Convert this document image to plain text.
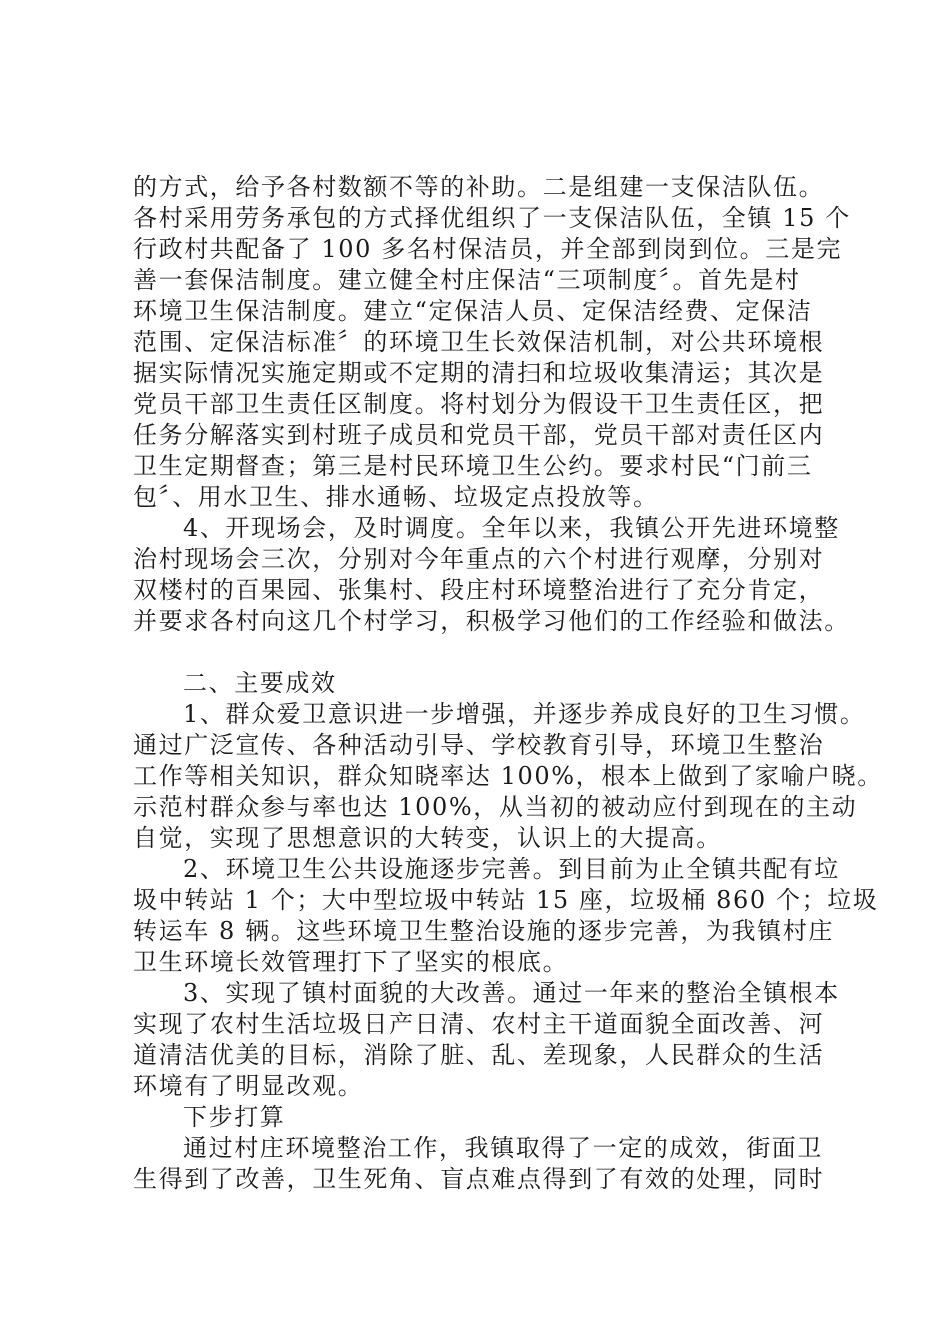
的方式，给予各村数额不等的补助。二是组建一支保洁队伍。
各村采用劳务承包的方式择优组织了一支保洁队伍，全镇 15 个
行政村共配备了 100 多名村保洁员，并全部到岗到位。三是完
善一套保洁制度。建立健全村庄保洁“三项制度〞。首先是村
环境卫生保洁制度。建立“定保洁人员、定保洁经费、定保洁
范围、定保洁标准〞的环境卫生长效保洁机制，对公共环境根
据实际情况实施定期或不定期的清扫和垃圾收集清运；其次是
党员干部卫生责任区制度。将村划分为假设干卫生责任区，把
任务分解落实到村班子成员和党员干部，党员干部对责任区内
卫生定期督查；第三是村民环境卫生公约。要求村民“门前三
包〞、用水卫生、排水通畅、垃圾定点投放等。
4、开现场会，及时调度。全年以来，我镇公开先进环境整
治村现场会三次，分别对今年重点的六个村进行观摩，分别对
双楼村的百果园、张集村、段庄村环境整治进行了充分肯定，
并要求各村向这几个村学习，积极学习他们的工作经验和做法。
二、主要成效
1、群众爱卫意识进一步增强，并逐步养成良好的卫生习惯。
通过广泛宣传、各种活动引导、学校教育引导，环境卫生整治
工作等相关知识，群众知晓率达 100%，根本上做到了家喻户晓。
示范村群众参与率也达 100%，从当初的被动应付到现在的主动
自觉，实现了思想意识的大转变，认识上的大提高。
2、环境卫生公共设施逐步完善。到目前为止全镇共配有垃
圾中转站 1 个；大中型垃圾中转站 15 座，垃圾桶 860 个；垃圾
转运车 8 辆。这些环境卫生整治设施的逐步完善，为我镇村庄
卫生环境长效管理打下了坚实的根底。
3、实现了镇村面貌的大改善。通过一年来的整治全镇根本
实现了农村生活垃圾日产日清、农村主干道面貌全面改善、河
道清洁优美的目标，消除了脏、乱、差现象，人民群众的生活
环境有了明显改观。
下步打算
通过村庄环境整治工作，我镇取得了一定的成效，街面卫
生得到了改善，卫生死角、盲点难点得到了有效的处理，同时
